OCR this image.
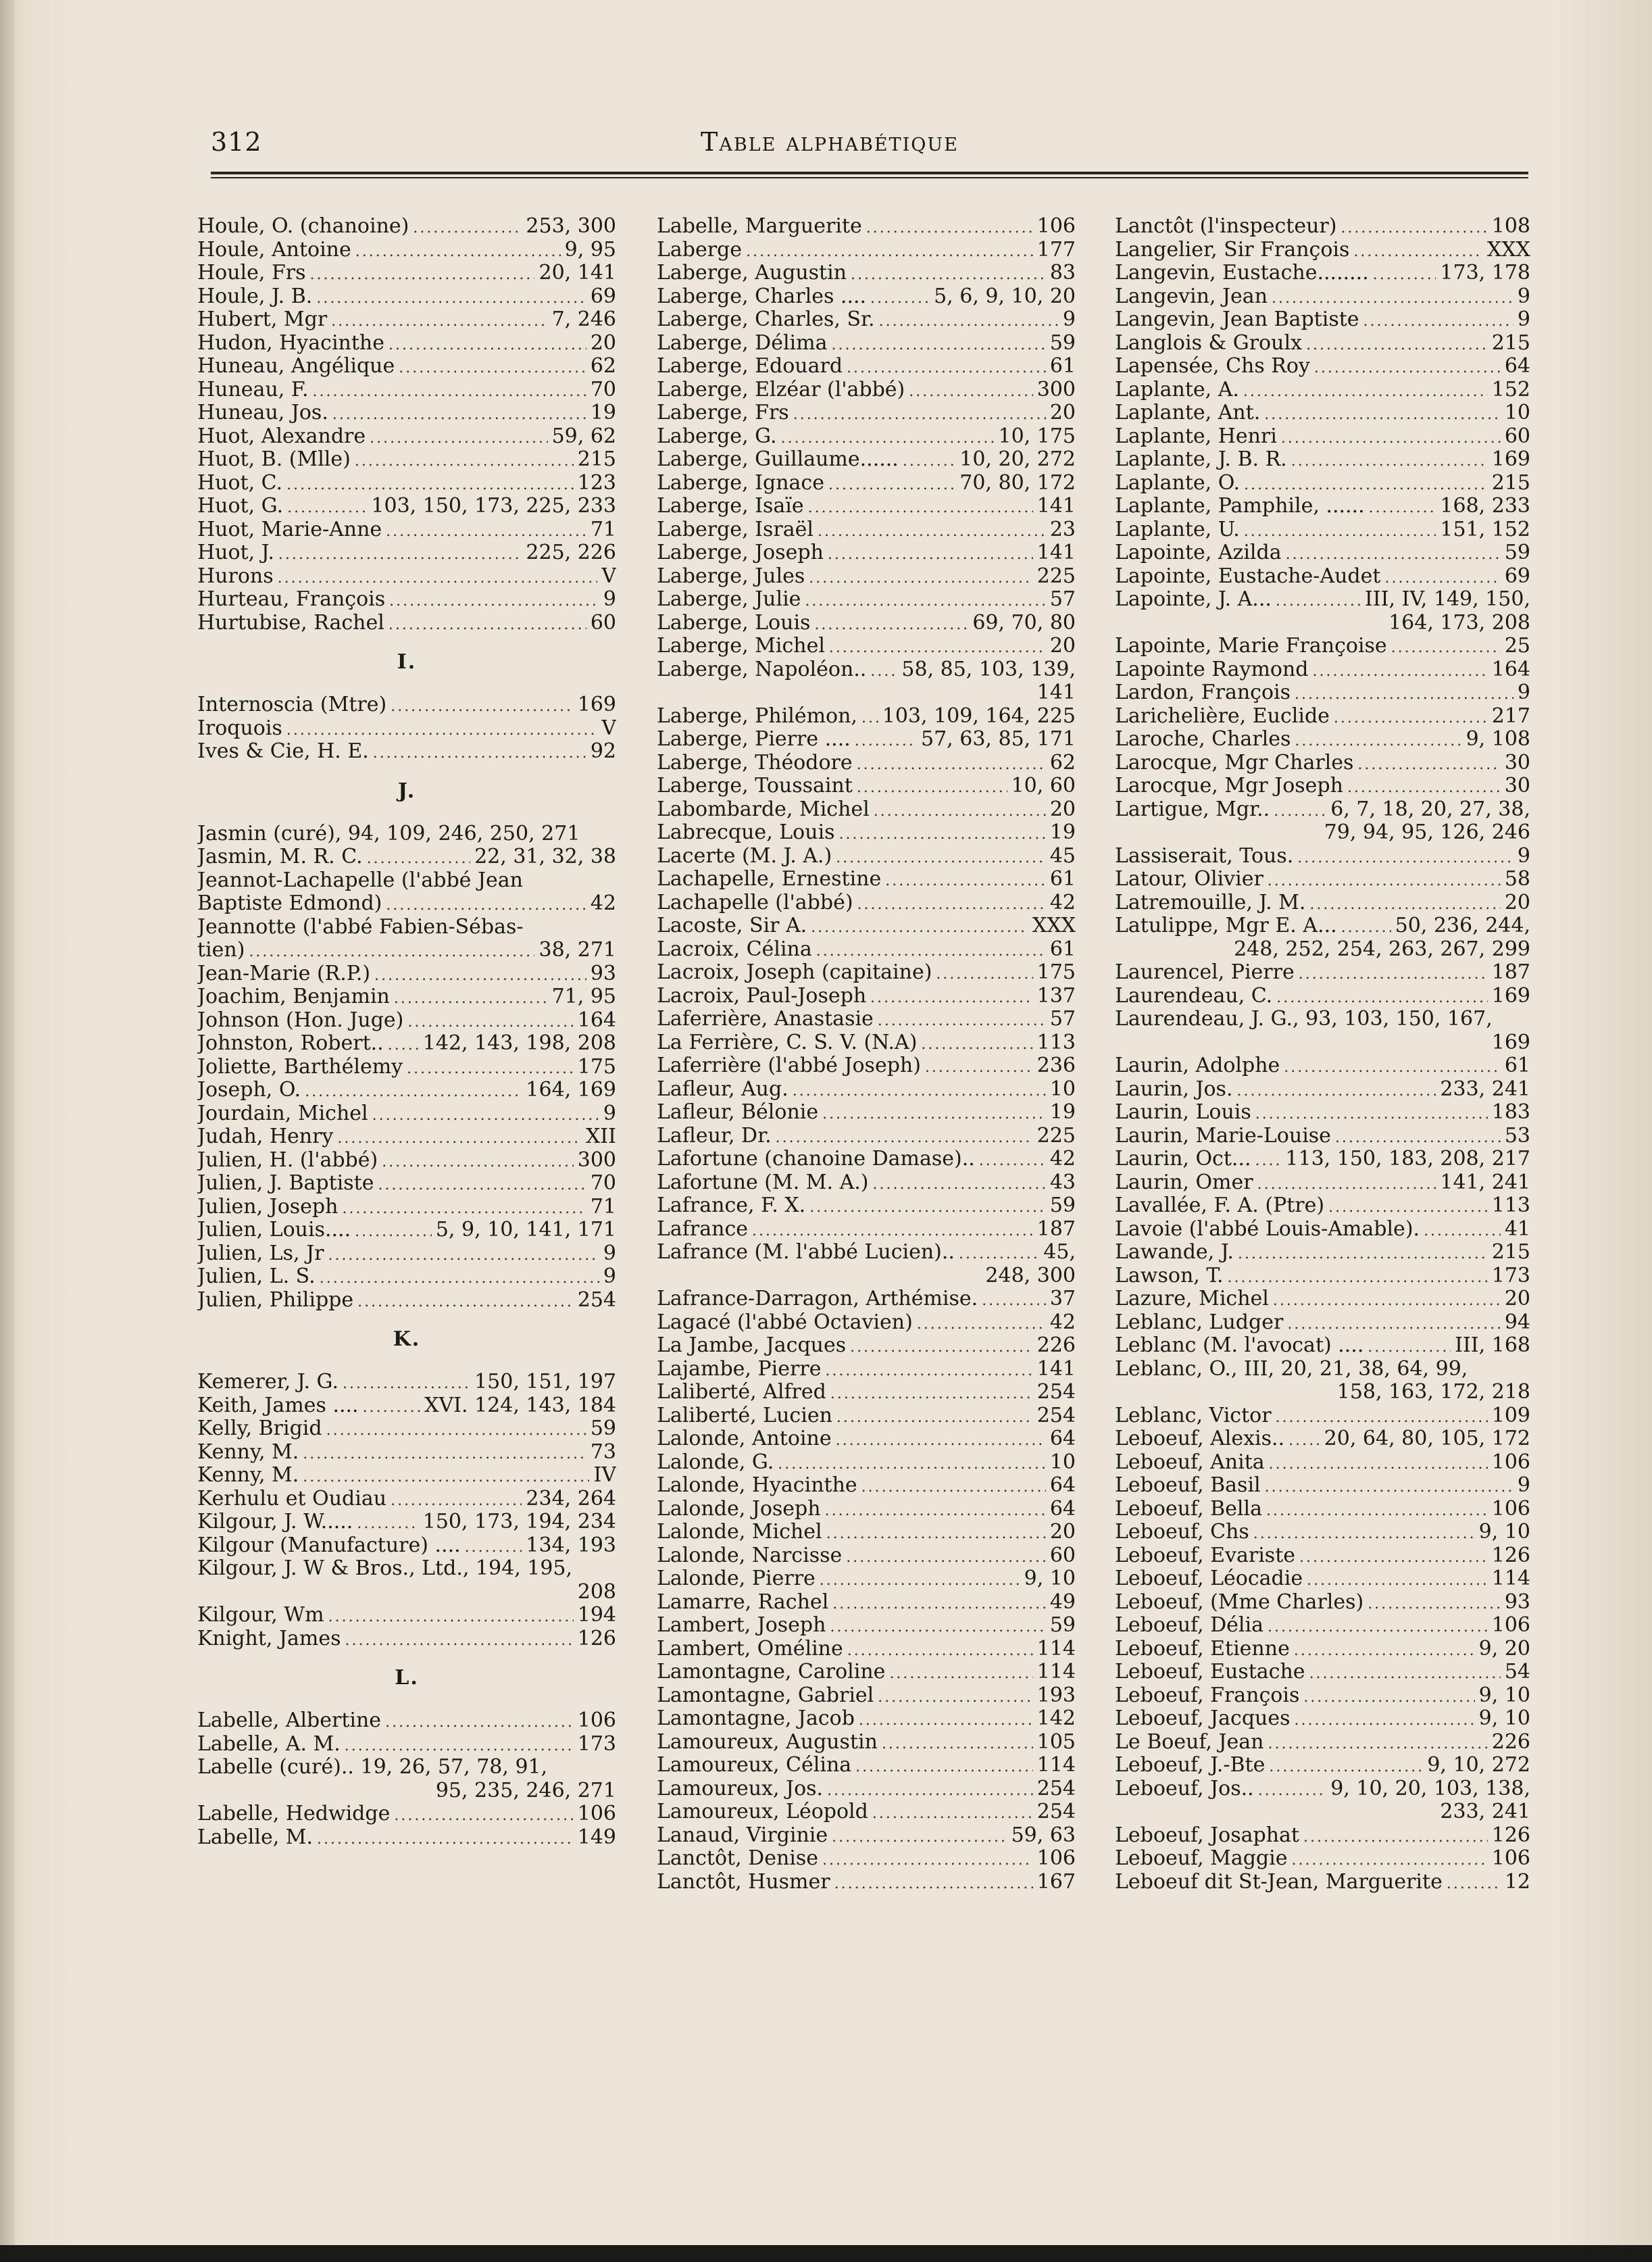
312	Table alphabétique
Houle, O. (chanoine) .....	253, 300
Houle, Antoine .....	9, 95
Houle, Frs .....	20, 141
Houle, J. B. .....	69
Hubert, Mgr .....	7, 246
Hudon, Hyacinthe .....	20
Huneau, Angélique .....	62
Huneau, F. .....	70
Huneau, Jos. .....	19
Huot, Alexandre .....	59, 62
Huot, B. (Mlle) .....	215
Huot, C. .....	123
Huot, G. .....	103, 150, 173, 225, 233
Huot, Marie-Anne .....	71
Huot, J. .....	225, 226
Hurons .....	V
Hurteau, François .....	9
Hurtubise, Rachel .....	60
I.
Internoscia (Mtre) .....	169
Iroquois .....	V
Ives & Cie, H. E. .....	92
J.
Jasmin (curé), 94, 109, 246, 250, 271
Jasmin, M. R. C. .....	22, 31, 32, 38
Jeannot-Lachapelle (l'abbé Jean
Baptiste Edmond) .....	42
Jeannotte (l'abbé Fabien-Sébas-
tien) .....	38, 271
Jean-Marie (R.P.) .....	93
Joachim, Benjamin .....	71, 95
Johnson (Hon. Juge) .....	164
Johnston, Robert.. ..... 142, 143, 198, 208
Joliette, Barthélemy .....	175
Joseph, O. .....	164, 169
Jourdain, Michel .....	9
Judah, Henry .....	XII
Julien, H. (l'abbé) .....	300
Julien, J. Baptiste .....	70
Julien, Joseph .....	71
Julien, Louis.... .....	5, 9, 10, 141, 171
Julien, Ls, Jr .....	9
Julien, L. S. .....	9
Julien, Philippe .....	254
K.
Kemerer, J. G. .....	150, 151, 197
Keith, James .... .....	XVI. 124, 143, 184
Kelly, Brigid .....	59
Kenny, M. .....	73
Kenny, M. .....	IV
Kerhulu et Oudiau .....	234, 264
Kilgour, J. W..... .....	150, 173, 194, 234
Kilgour (Manufacture) .... .....	134, 193
Kilgour, J. W & Bros., Ltd., 194, 195,
208
Kilgour, Wm .....	194
Knight, James .....	126
L.
Labelle, Albertine .....	106
Labelle, A. M. .....	173
Labelle (curé).. 19, 26, 57, 78, 91,
95, 235, 246, 271
Labelle, Hedwidge .....	106
Labelle, M. .....	149
Labelle, Marguerite .....	106
Laberge .....	177
Laberge, Augustin .....	83
Laberge, Charles .... .....	5, 6, 9, 10, 20
Laberge, Charles, Sr. .....	9
Laberge, Délima .....	59
Laberge, Edouard .....	61
Laberge, Elzéar (l'abbé) .....	300
Laberge, Frs .....	20
Laberge, G. .....	10, 175
Laberge, Guillaume...... .....	10, 20, 272
Laberge, Ignace .....	70, 80, 172
Laberge, Isaïe .....	141
Laberge, Israël .....	23
Laberge, Joseph .....	141
Laberge, Jules .....	225
Laberge, Julie .....	57
Laberge, Louis .....	69, 70, 80
Laberge, Michel .....	20
Laberge, Napoléon.. ..... 58, 85, 103, 139,
141
Laberge, Philémon, ..... 103, 109, 164, 225
Laberge, Pierre .... .....	57, 63, 85, 171
Laberge, Théodore .....	62
Laberge, Toussaint .....	10, 60
Labombarde, Michel .....	20
Labrecque, Louis .....	19
Lacerte (M. J. A.) .....	45
Lachapelle, Ernestine .....	61
Lachapelle (l'abbé) .....	42
Lacoste, Sir A. .....	XXX
Lacroix, Célina .....	61
Lacroix, Joseph (capitaine) .....	175
Lacroix, Paul-Joseph .....	137
Laferrière, Anastasie .....	57
La Ferrière, C. S. V. (N.A) .....	113
Laferrière (l'abbé Joseph) .....	236
Lafleur, Aug. .....	10
Lafleur, Bélonie .....	19
Lafleur, Dr. .....	225
Lafortune (chanoine Damase).. .....	42
Lafortune (M. M. A.) .....	43
Lafrance, F. X. .....	59
Lafrance .....	187
Lafrance (M. l'abbé Lucien).. .....	45,
248, 300
Lafrance-Darragon, Arthémise. .....	37
Lagacé (l'abbé Octavien) .....	42
La Jambe, Jacques .....	226
Lajambe, Pierre .....	141
Laliberté, Alfred .....	254
Laliberté, Lucien .....	254
Lalonde, Antoine .....	64
Lalonde, G. .....	10
Lalonde, Hyacinthe .....	64
Lalonde, Joseph .....	64
Lalonde, Michel .....	20
Lalonde, Narcisse .....	60
Lalonde, Pierre .....	9, 10
Lamarre, Rachel .....	49
Lambert, Joseph .....	59
Lambert, Oméline .....	114
Lamontagne, Caroline .....	114
Lamontagne, Gabriel .....	193
Lamontagne, Jacob .....	142
Lamoureux, Augustin .....	105
Lamoureux, Célina .....	114
Lamoureux, Jos. .....	254
Lamoureux, Léopold .....	254
Lanaud, Virginie .....	59, 63
Lanctôt, Denise .....	106
Lanctôt, Husmer .....	167
Lanctôt (l'inspecteur) .....	108
Langelier, Sir François .....	XXX
Langevin, Eustache........ .....	173, 178
Langevin, Jean .....	9
Langevin, Jean Baptiste .....	9
Langlois & Groulx .....	215
Lapensée, Chs Roy .....	64
Laplante, A. .....	152
Laplante, Ant. .....	10
Laplante, Henri .....	60
Laplante, J. B. R. .....	169
Laplante, O. .....	215
Laplante, Pamphile, ...... .....	168, 233
Laplante, U. .....	151, 152
Lapointe, Azilda .....	59
Lapointe, Eustache-Audet .....	69
Lapointe, J. A... .....	III, IV, 149, 150,
164, 173, 208
Lapointe, Marie Françoise .....	25
Lapointe Raymond .....	164
Lardon, François .....	9
Larichelière, Euclide .....	217
Laroche, Charles .....	9, 108
Larocque, Mgr Charles .....	30
Larocque, Mgr Joseph .....	30
Lartigue, Mgr.. .....	6, 7, 18, 20, 27, 38,
79, 94, 95, 126, 246
Lassiserait, Tous. .....	9
Latour, Olivier .....	58
Latremouille, J. M. .....	20
Latulippe, Mgr E. A... .....	50, 236, 244,
248, 252, 254, 263, 267, 299
Laurencel, Pierre .....	187
Laurendeau, C. .....	169
Laurendeau, J. G., 93, 103, 150, 167,
169
Laurin, Adolphe .....	61
Laurin, Jos. .....	233, 241
Laurin, Louis .....	183
Laurin, Marie-Louise .....	53
Laurin, Oct... ..... 113, 150, 183, 208, 217
Laurin, Omer .....	141, 241
Lavallée, F. A. (Ptre) .....	113
Lavoie (l'abbé Louis-Amable). .....	41
Lawande, J. .....	215
Lawson, T. .....	173
Lazure, Michel .....	20
Leblanc, Ludger .....	94
Leblanc (M. l'avocat) .... .....	III, 168
Leblanc, O., III, 20, 21, 38, 64, 99,
158, 163, 172, 218
Leblanc, Victor .....	109
Leboeuf, Alexis.. ..... 20, 64, 80, 105, 172
Leboeuf, Anita .....	106
Leboeuf, Basil .....	9
Leboeuf, Bella .....	106
Leboeuf, Chs .....	9, 10
Leboeuf, Evariste .....	126
Leboeuf, Léocadie .....	114
Leboeuf, (Mme Charles) .....	93
Leboeuf, Délia .....	106
Leboeuf, Etienne .....	9, 20
Leboeuf, Eustache .....	54
Leboeuf, François .....	9, 10
Leboeuf, Jacques .....	9, 10
Le Boeuf, Jean .....	226
Leboeuf, J.-Bte .....	9, 10, 272
Leboeuf, Jos.. .....	9, 10, 20, 103, 138,
233, 241
Leboeuf, Josaphat .....	126
Leboeuf, Maggie .....	106
Leboeuf dit St-Jean, Marguerite .....	12
